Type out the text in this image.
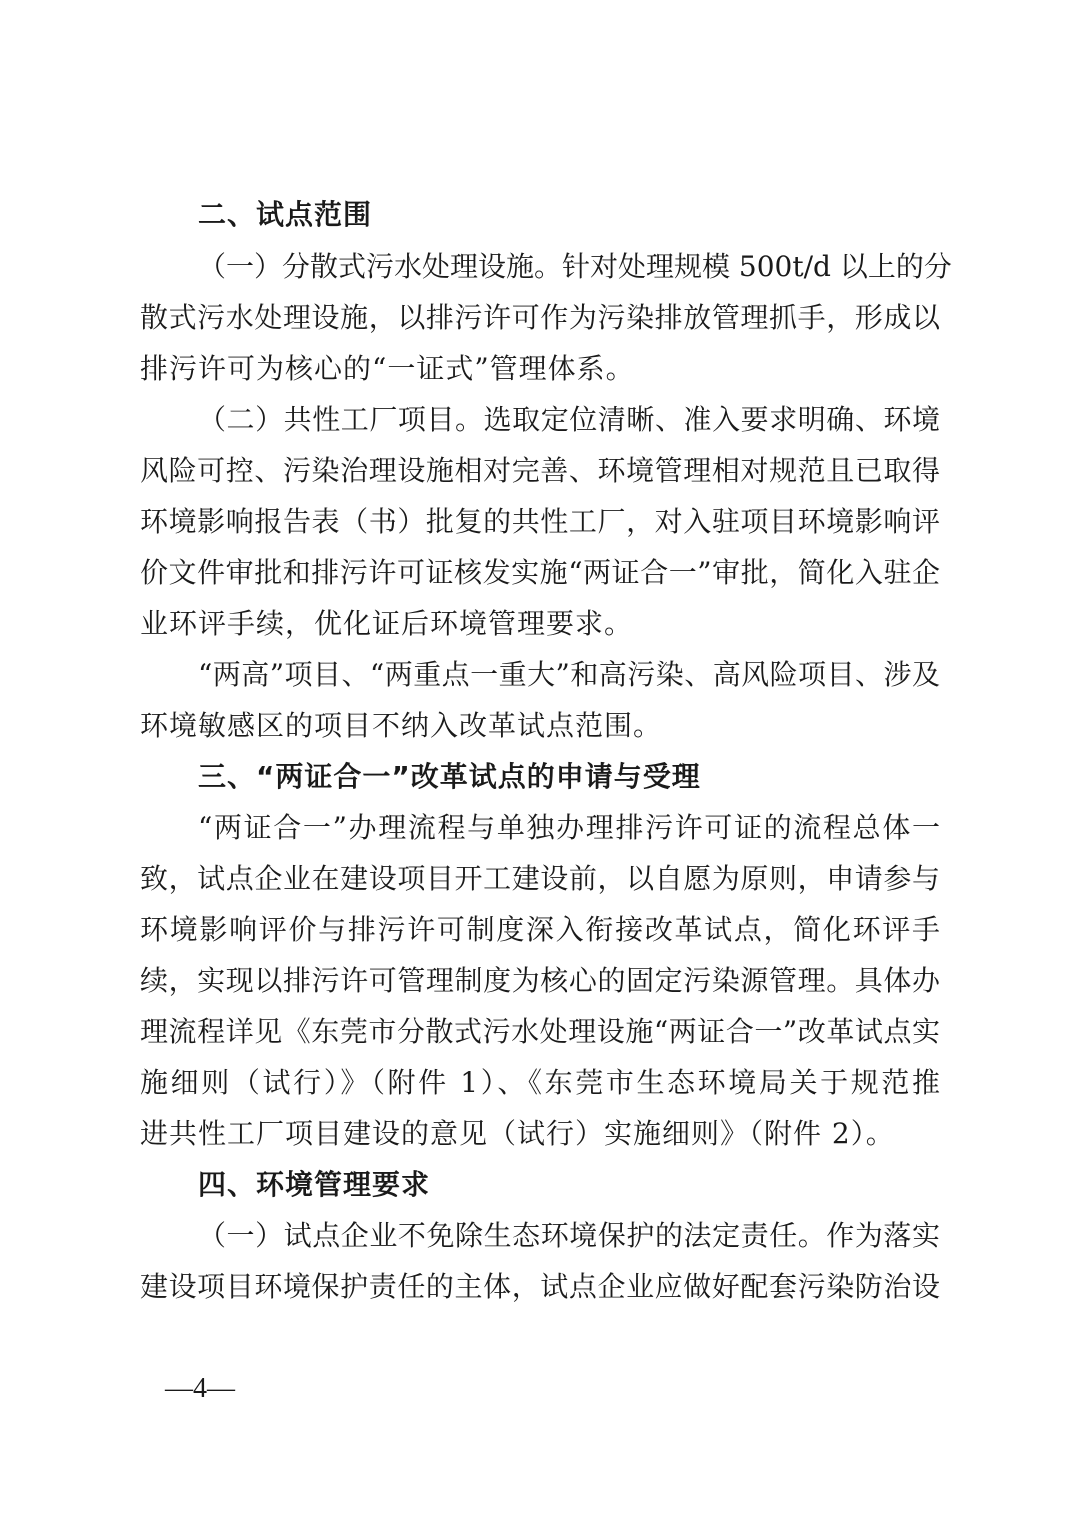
二、试点范围
（一）分散式污水处理设施。针对处理规模 500t/d 以上的分
散式污水处理设施，以排污许可作为污染排放管理抓手，形成以
排污许可为核心的“一证式”管理体系。
（二）共性工厂项目。选取定位清晰、准入要求明确、环境
风险可控、污染治理设施相对完善、环境管理相对规范且已取得
环境影响报告表（书）批复的共性工厂，对入驻项目环境影响评
价文件审批和排污许可证核发实施“两证合一”审批，简化入驻企
业环评手续，优化证后环境管理要求。
“两高”项目、“两重点一重大”和高污染、高风险项目、涉及
环境敏感区的项目不纳入改革试点范围。
三、“两证合一”改革试点的申请与受理
“两证合一”办理流程与单独办理排污许可证的流程总体一
致，试点企业在建设项目开工建设前，以自愿为原则，申请参与
环境影响评价与排污许可制度深入衔接改革试点，简化环评手
续，实现以排污许可管理制度为核心的固定污染源管理。具体办
理流程详见《东莞市分散式污水处理设施“两证合一”改革试点实
施细则（试行）》（附件 1）、《东莞市生态环境局关于规范推
进共性工厂项目建设的意见（试行）实施细则》（附件 2）。
四、环境管理要求
（一）试点企业不免除生态环境保护的法定责任。作为落实
建设项目环境保护责任的主体，试点企业应做好配套污染防治设
—4—
